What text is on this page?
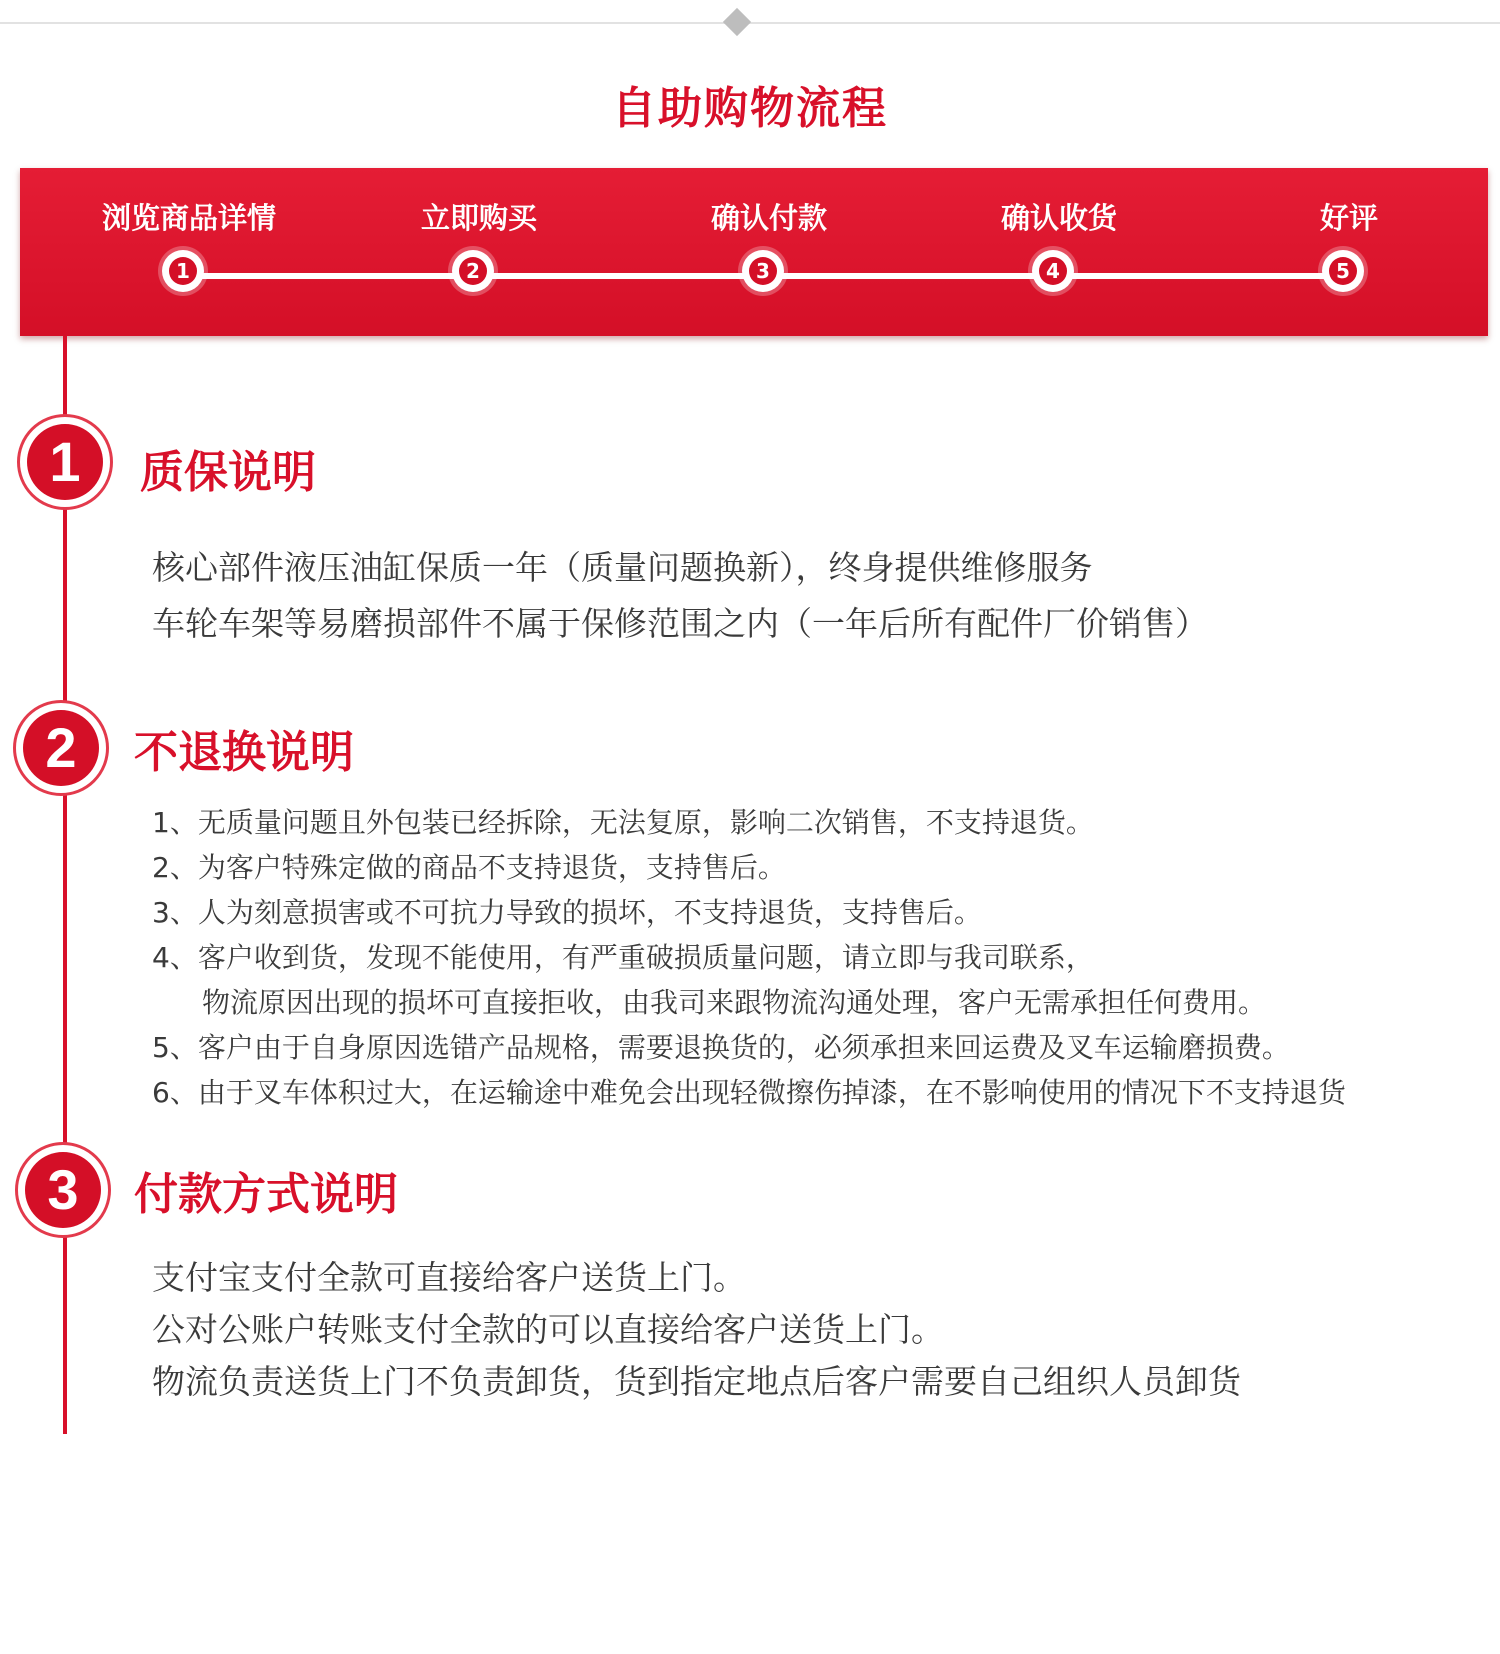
自助购物流程
浏览商品详情
1
立即购买
2
确认付款
3
确认收货
4
好评
5
1	质保说明
核心部件液压油缸保质一年（质量问题换新），终身提供维修服务
车轮车架等易磨损部件不属于保修范围之内（一年后所有配件厂价销售）
2	不退换说明
1、无质量问题且外包装已经拆除，无法复原，影响二次销售，不支持退货。
2、为客户特殊定做的商品不支持退货，支持售后。
3、人为刻意损害或不可抗力导致的损坏，不支持退货，支持售后。
4、客户收到货，发现不能使用，有严重破损质量问题，请立即与我司联系，
物流原因出现的损坏可直接拒收，由我司来跟物流沟通处理，客户无需承担任何费用。
5、客户由于自身原因选错产品规格，需要退换货的，必须承担来回运费及叉车运输磨损费。
6、由于叉车体积过大，在运输途中难免会出现轻微擦伤掉漆，在不影响使用的情况下不支持退货
3	付款方式说明
支付宝支付全款可直接给客户送货上门。
公对公账户转账支付全款的可以直接给客户送货上门。
物流负责送货上门不负责卸货，货到指定地点后客户需要自己组织人员卸货
